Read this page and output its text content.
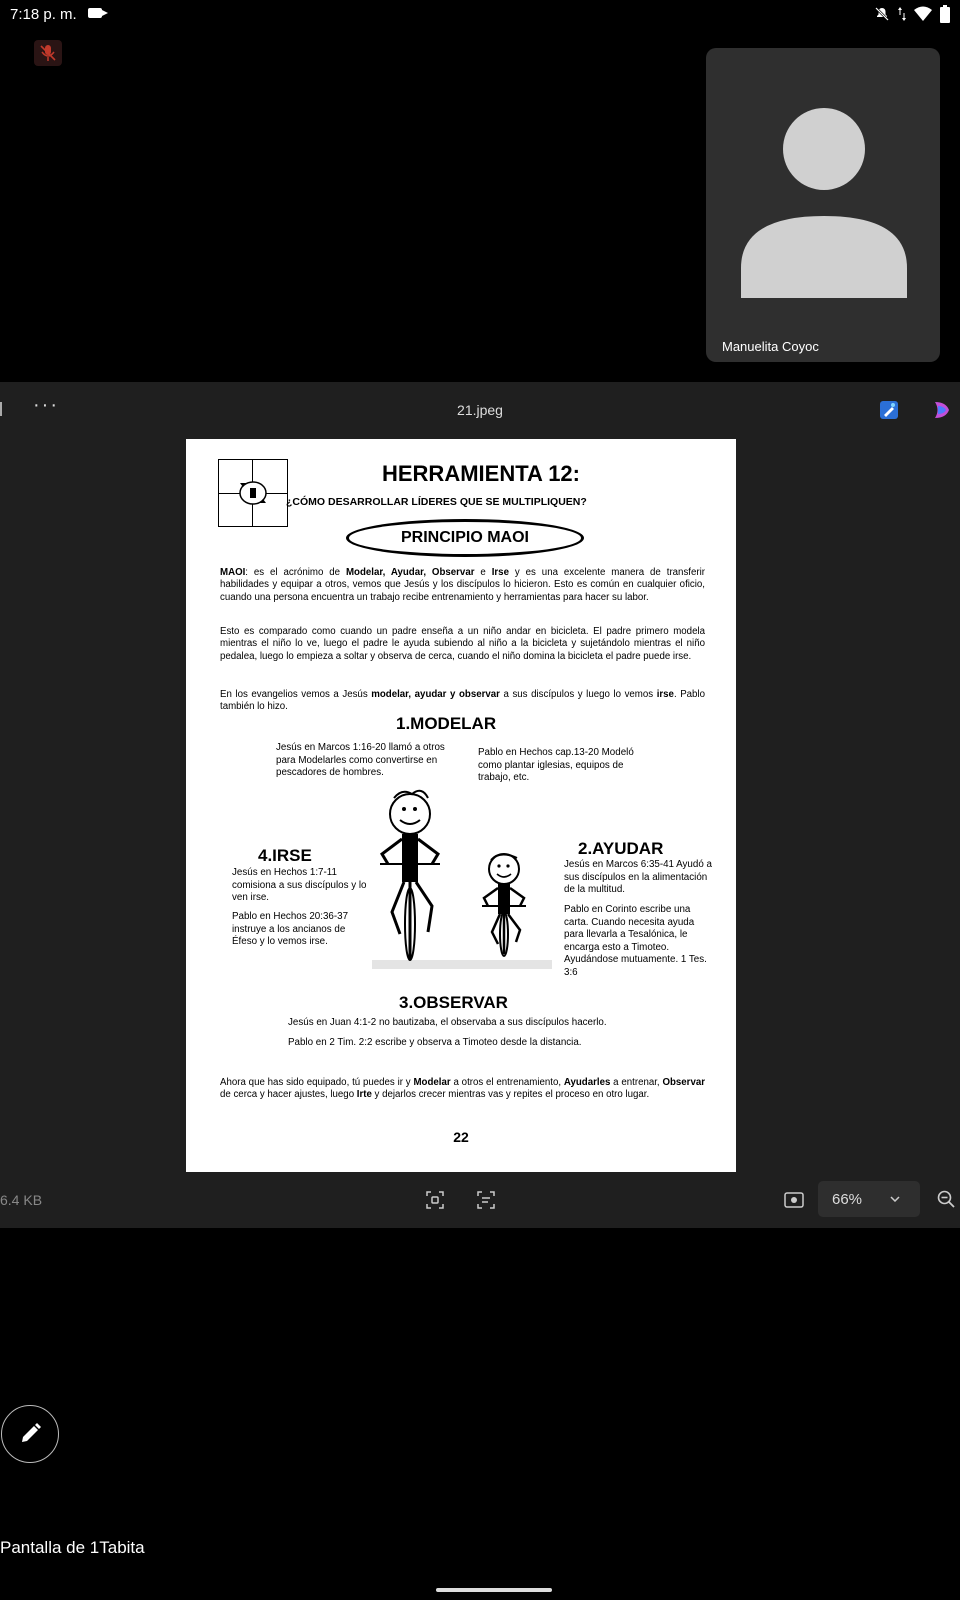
7:18 p. m.
Manuelita Coyoc
···	21.jpeg
HERRAMIENTA 12:
¿CÓMO DESARROLLAR LÍDERES QUE SE MULTIPLIQUEN?
PRINCIPIO MAOI
MAOI: es el acrónimo de Modelar, Ayudar, Observar e Irse y es una excelente manera de transferir habilidades y equipar a otros, vemos que Jesús y los discípulos lo hicieron. Esto es común en cualquier oficio, cuando una persona encuentra un trabajo recibe entrenamiento y herramientas para hacer su labor.
Esto es comparado como cuando un padre enseña a un niño andar en bicicleta. El padre primero modela mientras el niño lo ve, luego el padre le ayuda subiendo al niño a la bicicleta y sujetándolo mientras el niño pedalea, luego lo empieza a soltar y observa de cerca, cuando el niño domina la bicicleta el padre puede irse.
En los evangelios vemos a Jesús modelar, ayudar y observar a sus discípulos y luego lo vemos irse. Pablo también lo hizo.
1.MODELAR
Jesús en Marcos 1:16-20 llamó a otros para Modelarles como convertirse en pescadores de hombres.
Pablo en Hechos cap.13-20 Modeló como plantar iglesias, equipos de trabajo, etc.
4.IRSE
Jesús en Hechos 1:7-11 comisiona a sus discípulos y lo ven irse.
Pablo en Hechos 20:36-37 instruye a los ancianos de Éfeso y lo vemos irse.
2.AYUDAR
Jesús en Marcos 6:35-41 Ayudó a sus discípulos en la alimentación de la multitud.
Pablo en Corinto escribe una carta. Cuando necesita ayuda para llevarla a Tesalónica, le encarga esto a Timoteo. Ayudándose mutuamente. 1 Tes. 3:6
3.OBSERVAR
Jesús en Juan 4:1-2 no bautizaba, el observaba a sus discípulos hacerlo.
Pablo en 2 Tim. 2:2 escribe y observa a Timoteo desde la distancia.
Ahora que has sido equipado, tú puedes ir y Modelar a otros el entrenamiento, Ayudarles a entrenar, Observar de cerca y hacer ajustes, luego Irte y dejarlos crecer mientras vas y repites el proceso en otro lugar.
22
6.4 KB	66%
Pantalla de 1Tabita
